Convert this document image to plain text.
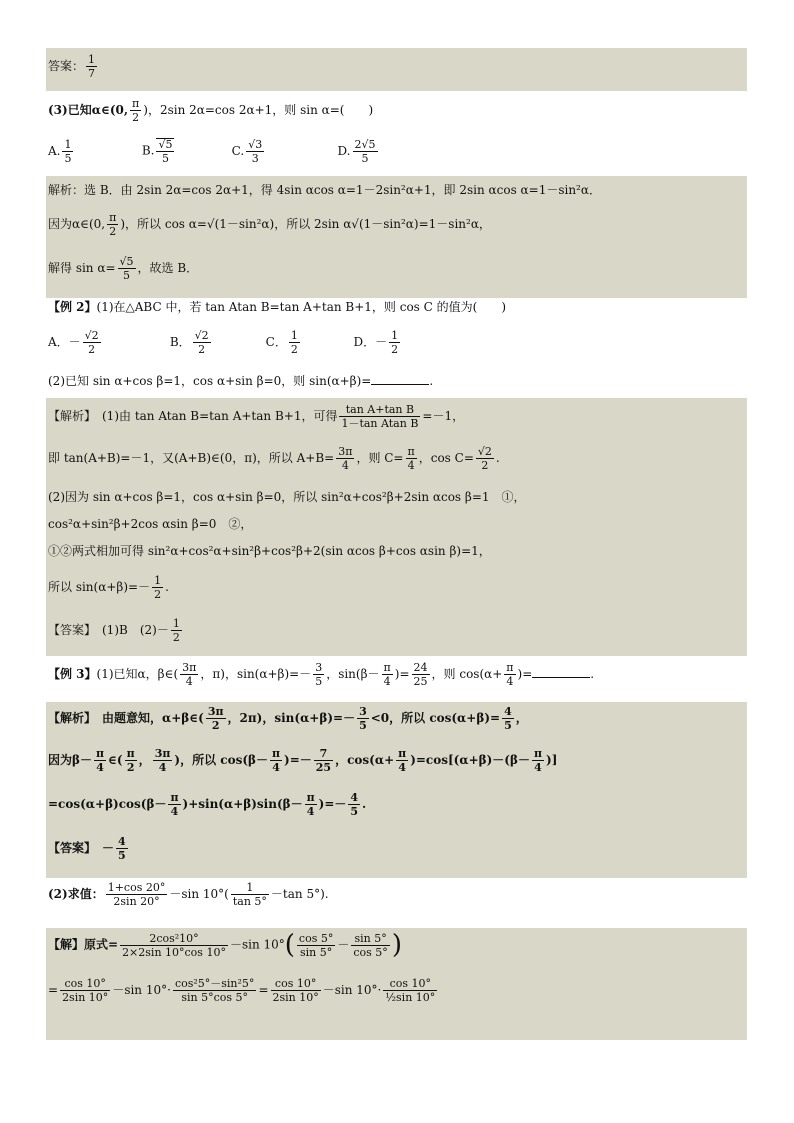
答案： $\frac{1}{7}$
(3)已知α∈(0, $\frac{\pi}{2}$ )，2sin 2α=cos 2α+1，则 sin α=(　　)
A. $\frac{1}{5}$	B. $\frac{√5}{5}$	C. $\frac{√3}{3}$	D. $\frac{2√5}{5}$
解析：选 B．由 2sin 2α=cos 2α+1，得 4sin αcos α=1－2sin²α+1，即 2sin αcos α=1－sin²α．
因为α∈(0, $\frac{\pi}{2}$ )，所以 cos α=√(1－sin²α)，所以 2sin α√(1－sin²α)=1－sin²α，
解得 $\sin \alpha= \frac{√5}{5}$ ，故选 B．
【例 2】(1)在△ABC 中，若 tan Atan B=tan A+tan B+1，则 cos C 的值为(　　)
A．－ $\frac{√2}{2}$	B． $\frac{√2}{2}$	C． $\frac{1}{2}$	D．－ $\frac{1}{2}$
(2)已知 sin α+cos β=1，cos α+sin β=0，则 sin(α+β)=	.
【解析】　(1)由 tan Atan B=tan A+tan B+1，可得 $\frac{\text{tan A+tan B}}{\text{1－tan Atan B}} =-1$，
即 tan(A+B)=－1，又(A+B)∈(0，π)，所以 $A+B= \frac{3\pi}{4}$ ，则 $C= \frac{\pi}{4}$ ，$\cos C= \frac{√2}{2}$ .
(2)因为 sin α+cos β=1，cos α+sin β=0，所以 sin²α+cos²β+2sin αcos β=1　①，
cos²α+sin²β+2cos αsin β=0　②，
①②两式相加可得 sin²α+cos²α+sin²β+cos²β+2(sin αcos β+cos αsin β)=1，
所以 $\sin(\alpha+\beta)=- \frac{1}{2}$ .
【答案】　(1)B　$(2)- \frac{1}{2}$
【例 3】(1)已知α，β∈( $\frac{3\pi}{4}$ ，π)，$\sin(\alpha+\beta)=- \frac{3}{5}$ ，$\sin(\beta- \frac{\pi}{4}$ )= $\frac{24}{25}$ ，则 $\cos(\alpha+ \frac{\pi}{4}$ )=	.
【解析】　由题意知，α+β∈( $\frac{3\pi}{2}$ ，2π)，$\sin(\alpha+\beta)=- \frac{3}{5} <0$，所以 $\cos(\alpha+\beta)= \frac{4}{5}$ ，
因为$\beta- \frac{\pi}{4}$ ∈( $\frac{\pi}{2}$ ， $\frac{3\pi}{4}$ )，所以 $\cos(\beta- \frac{\pi}{4}$ )=－ $\frac{7}{25}$ ，$\cos(\alpha+ \frac{\pi}{4} )=\cos[(\alpha+\beta)-(\beta- \frac{\pi}{4}$ )]
$=\cos(\alpha+\beta)\cos(\beta- \frac{\pi}{4} )+\sin(\alpha+\beta)\sin(\beta- \frac{\pi}{4}$ )=－ $\frac{4}{5}$ .
【答案】　－ $\frac{4}{5}$
(2)求值： $\frac{1+\cos 20^\circ}{2\sin 20^\circ} -\sin$ $10^\circ( \frac{1}{\tan 5^\circ} -\tan$ 5°).
【解】原式= $\frac{\text{2cos²10°}}{2\times 2\sin 10^\circ\cos 10^\circ} -\sin$ $10^\circ( \frac{\cos 5^\circ}{\sin 5^\circ} - \frac{\sin 5^\circ}{\cos 5^\circ}$ )
= $\frac{\cos 10^\circ}{2\sin 10^\circ} -\sin$ $10^\circ\cdot \frac{\text{cos²5°－sin²5°}}{\sin 5^\circ\cos 5^\circ} = \frac{\cos 10^\circ}{2\sin 10^\circ} -\sin$ $10^\circ\cdot \frac{\cos 10^\circ}{\text{½sin 10°}}$
